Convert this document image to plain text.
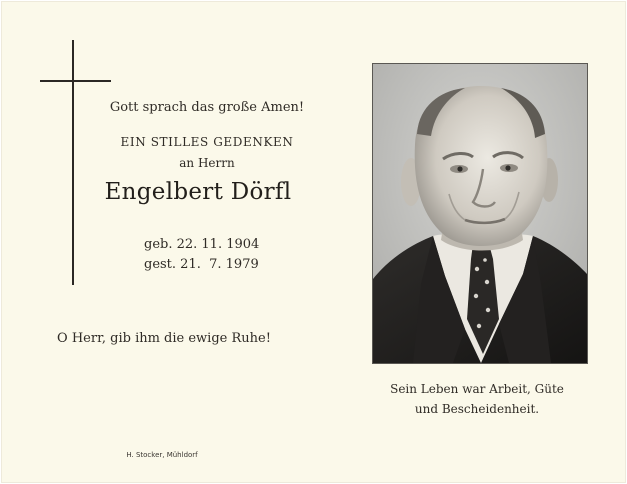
Gott sprach das große Amen!
EIN STILLES GEDENKEN
an Herrn
Engelbert Dörfl
geb. 22. 11. 1904
gest. 21.  7. 1979
O Herr, gib ihm die ewige Ruhe!
Sein Leben war Arbeit, Güte
und Bescheidenheit.
H. Stocker, Mühldorf
